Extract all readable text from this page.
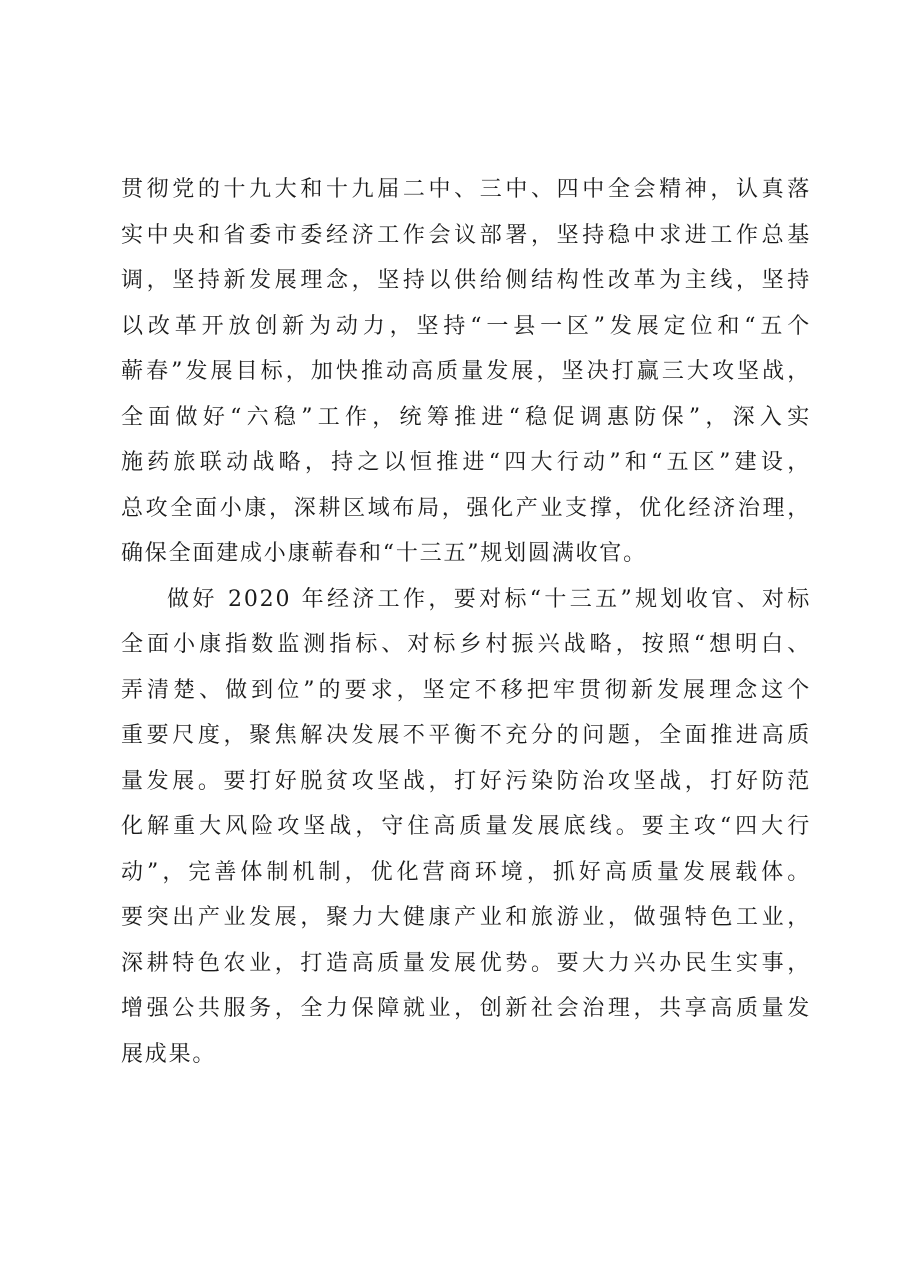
贯彻党的十九大和十九届二中、三中、四中全会精神，认真落
实中央和省委市委经济工作会议部署，坚持稳中求进工作总基
调，坚持新发展理念，坚持以供给侧结构性改革为主线，坚持
以改革开放创新为动力，坚持“一县一区”发展定位和“五个
蕲春”发展目标，加快推动高质量发展，坚决打赢三大攻坚战，
全面做好“六稳”工作，统筹推进“稳促调惠防保”，深入实
施药旅联动战略，持之以恒推进“四大行动”和“五区”建设，
总攻全面小康，深耕区域布局，强化产业支撑，优化经济治理，
确保全面建成小康蕲春和“十三五”规划圆满收官。
做好 2020 年经济工作，要对标“十三五”规划收官、对标
全面小康指数监测指标、对标乡村振兴战略，按照“想明白、
弄清楚、做到位”的要求，坚定不移把牢贯彻新发展理念这个
重要尺度，聚焦解决发展不平衡不充分的问题，全面推进高质
量发展。要打好脱贫攻坚战，打好污染防治攻坚战，打好防范
化解重大风险攻坚战，守住高质量发展底线。要主攻“四大行
动”，完善体制机制，优化营商环境，抓好高质量发展载体。
要突出产业发展，聚力大健康产业和旅游业，做强特色工业，
深耕特色农业，打造高质量发展优势。要大力兴办民生实事，
增强公共服务，全力保障就业，创新社会治理，共享高质量发
展成果。
